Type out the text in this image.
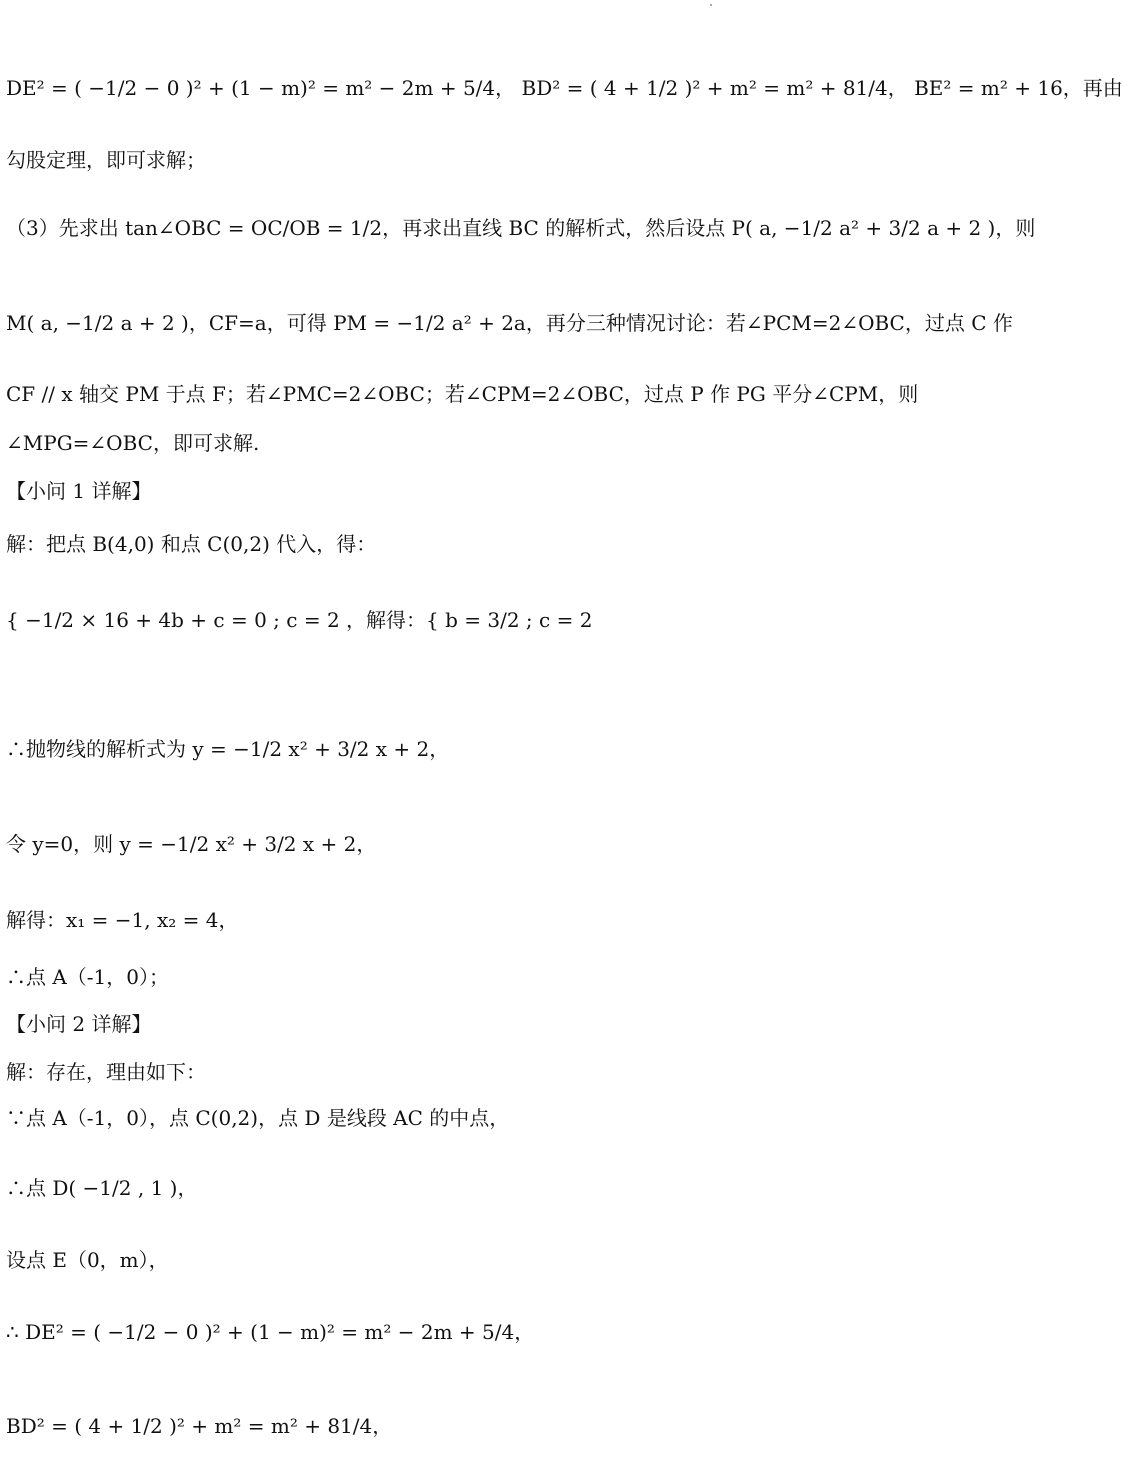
DE² = ( −1/2 − 0 )² + (1 − m)² = m² − 2m + 5/4， BD² = ( 4 + 1/2 )² + m² = m² + 81/4， BE² = m² + 16，再由
勾股定理，即可求解；
（3）先求出 tan∠OBC = OC/OB = 1/2，再求出直线 BC 的解析式，然后设点 P( a, −1/2 a² + 3/2 a + 2 )，则
M( a, −1/2 a + 2 )，CF=a，可得 PM = −1/2 a² + 2a，再分三种情况讨论：若∠PCM=2∠OBC，过点 C 作
CF // x 轴交 PM 于点 F；若∠PMC=2∠OBC；若∠CPM=2∠OBC，过点 P 作 PG 平分∠CPM，则
∠MPG=∠OBC，即可求解.
【小问 1 详解】
解：把点 B(4,0) 和点 C(0,2) 代入，得：
{ −1/2 × 16 + 4b + c = 0 ; c = 2 ，解得：{ b = 3/2 ; c = 2
∴抛物线的解析式为 y = −1/2 x² + 3/2 x + 2，
令 y=0，则 y = −1/2 x² + 3/2 x + 2，
解得：x₁ = −1, x₂ = 4，
∴点 A（-1，0）；
【小问 2 详解】
解：存在，理由如下：
∵点 A（-1，0），点 C(0,2)，点 D 是线段 AC 的中点，
∴点 D( −1/2 , 1 )，
设点 E（0，m），
∴ DE² = ( −1/2 − 0 )² + (1 − m)² = m² − 2m + 5/4，
BD² = ( 4 + 1/2 )² + m² = m² + 81/4，
